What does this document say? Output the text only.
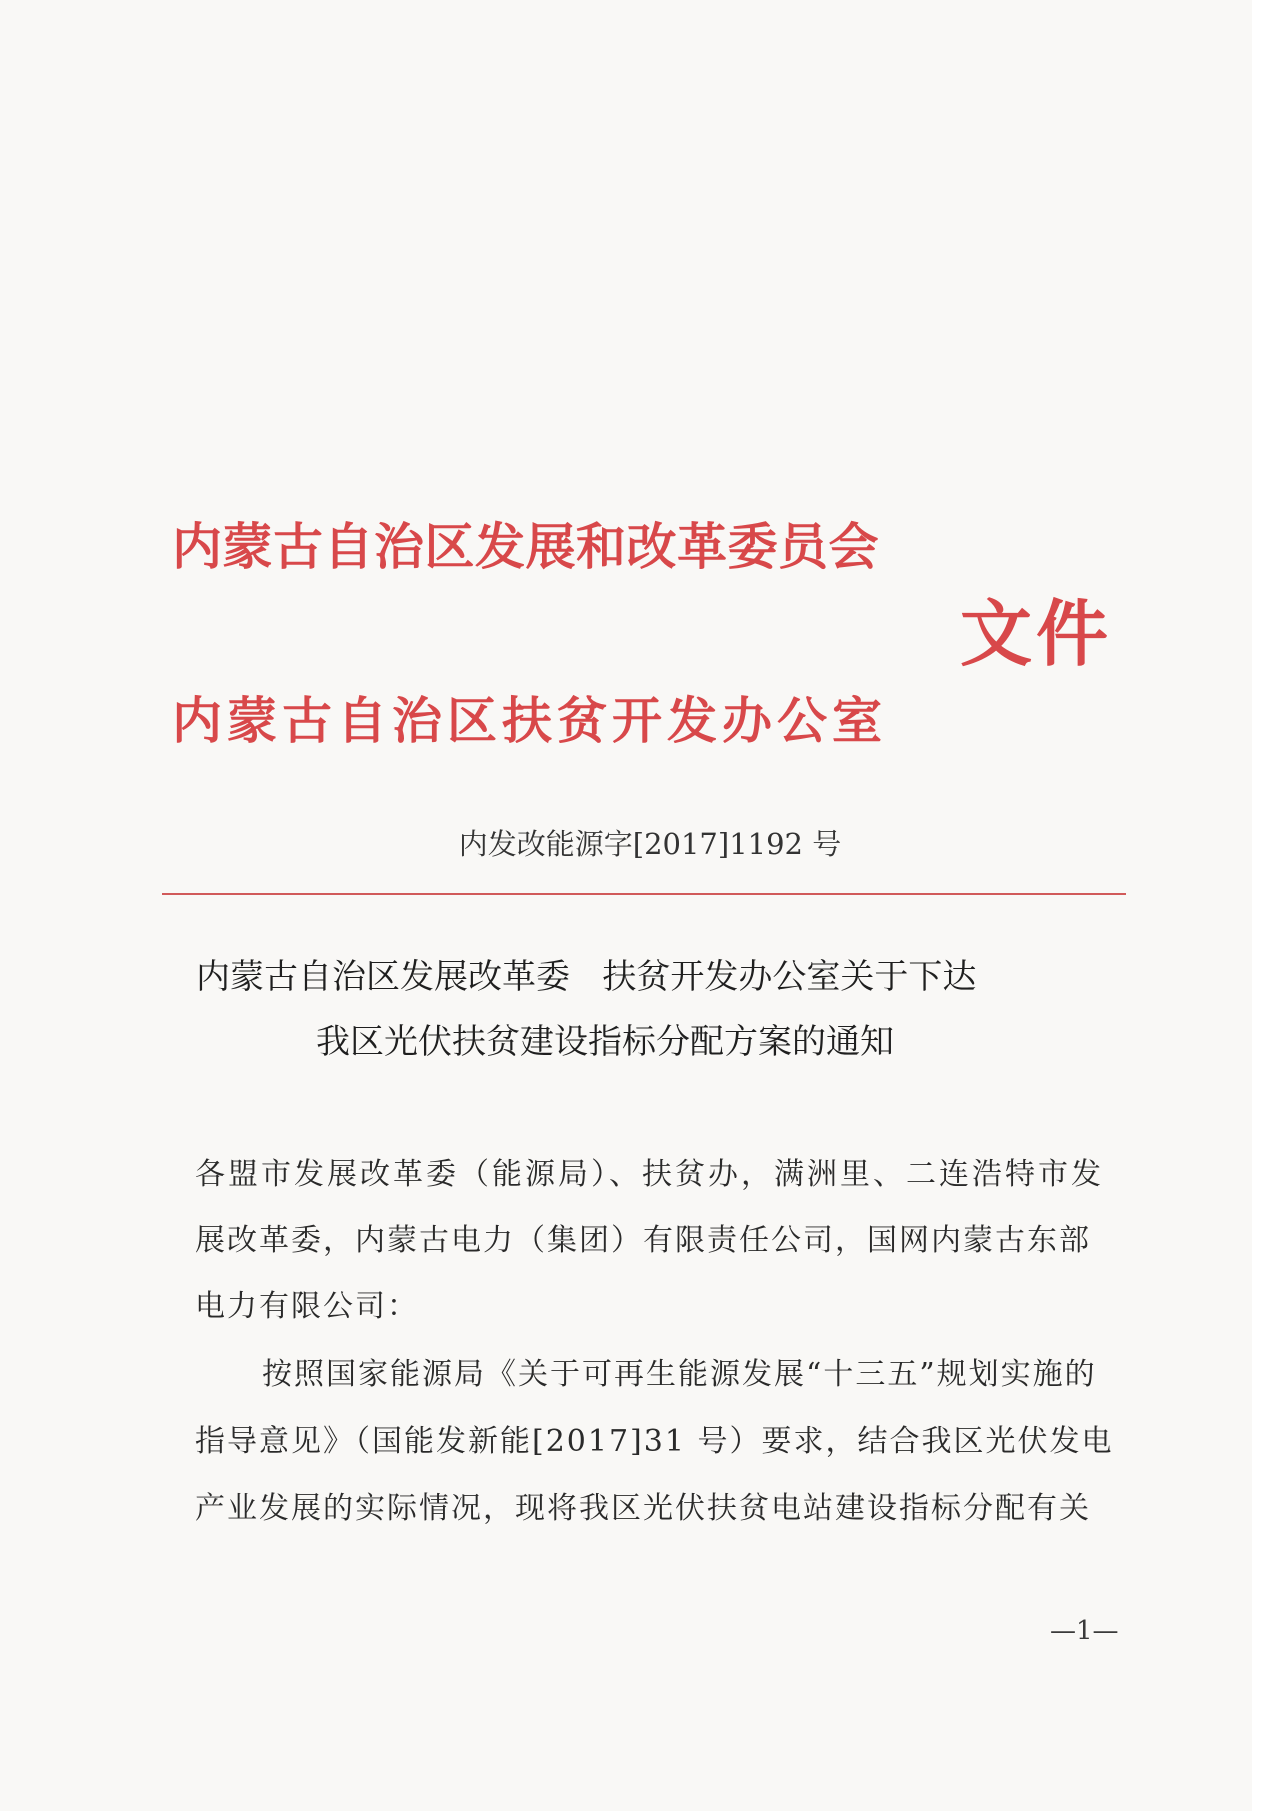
内蒙古自治区发展和改革委员会
文件
内蒙古自治区扶贫开发办公室
内发改能源字[2017]1192 号
内蒙古自治区发展改革委   扶贫开发办公室关于下达
我区光伏扶贫建设指标分配方案的通知
各盟市发展改革委（能源局）、扶贫办，满洲里、二连浩特市发
展改革委，内蒙古电力（集团）有限责任公司，国网内蒙古东部
电力有限公司：
按照国家能源局《关于可再生能源发展“十三五”规划实施的
指导意见》（国能发新能[2017]31 号）要求，结合我区光伏发电
产业发展的实际情况，现将我区光伏扶贫电站建设指标分配有关
—1—
